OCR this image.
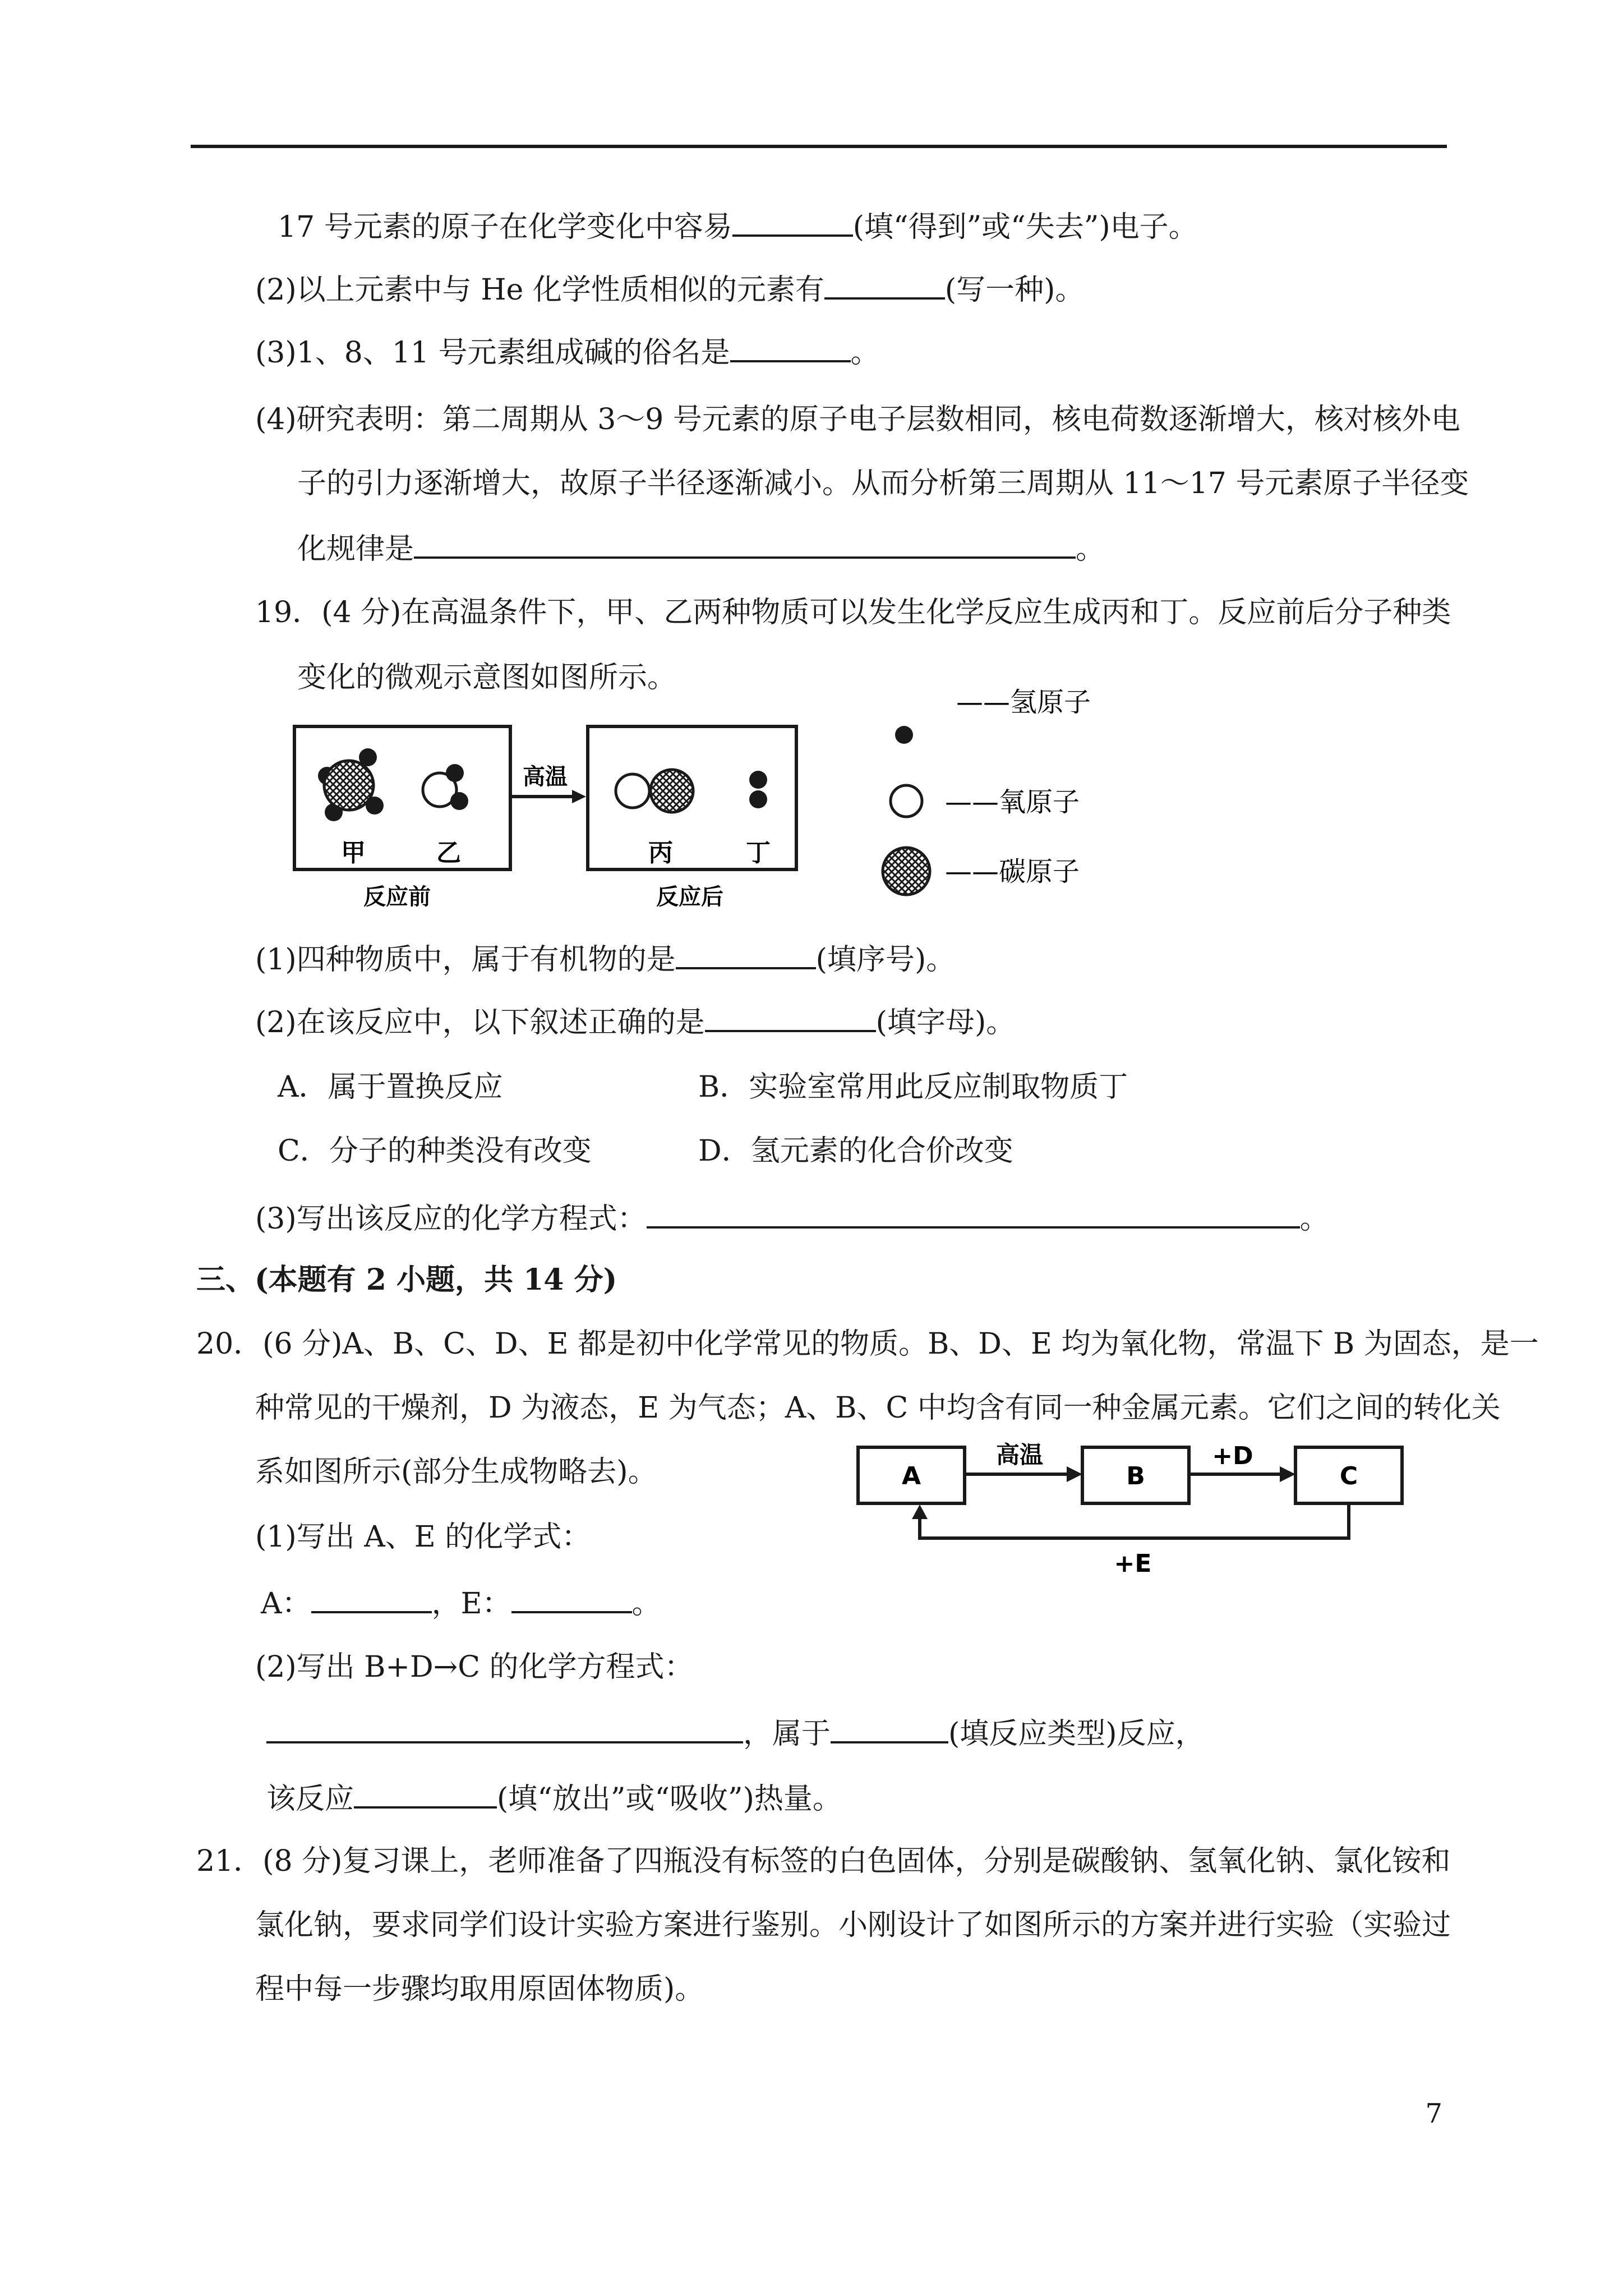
17 号元素的原子在化学变化中容易	(填“得到”或“失去”)电子。
(2)以上元素中与 He 化学性质相似的元素有	(写一种)。
(3)1、8、11 号元素组成碱的俗名是	。
(4)研究表明：第二周期从 3～9 号元素的原子电子层数相同，核电荷数逐渐增大，核对核外电
子的引力逐渐增大，故原子半径逐渐减小。从而分析第三周期从 11～17 号元素原子半径变
化规律是	。
19．(4 分)在高温条件下，甲、乙两种物质可以发生化学反应生成丙和丁。反应前后分子种类
变化的微观示意图如图所示。
甲	乙
反应前
高温
丙	丁
反应后
——氢原子
——氧原子
——碳原子
(1)四种物质中，属于有机物的是	(填序号)。
(2)在该反应中，以下叙述正确的是	(填字母)。
A．属于置换反应	B．实验室常用此反应制取物质丁
C．分子的种类没有改变	D．氢元素的化合价改变
(3)写出该反应的化学方程式：	。
三、(本题有 2 小题，共 14 分)
20．(6 分)A、B、C、D、E 都是初中化学常见的物质。B、D、E 均为氧化物，常温下 B 为固态，是一
种常见的干燥剂，D 为液态，E 为气态；A、B、C 中均含有同一种金属元素。它们之间的转化关
系如图所示(部分生成物略去)。	A	B	C
高温	+D
+E
(1)写出 A、E 的化学式：
A：	，E：	。
(2)写出 B+D→C 的化学方程式：
，属于	(填反应类型)反应，
该反应	(填“放出”或“吸收”)热量。
21．(8 分)复习课上，老师准备了四瓶没有标签的白色固体，分别是碳酸钠、氢氧化钠、氯化铵和
氯化钠，要求同学们设计实验方案进行鉴别。小刚设计了如图所示的方案并进行实验（实验过
程中每一步骤均取用原固体物质)。
7
